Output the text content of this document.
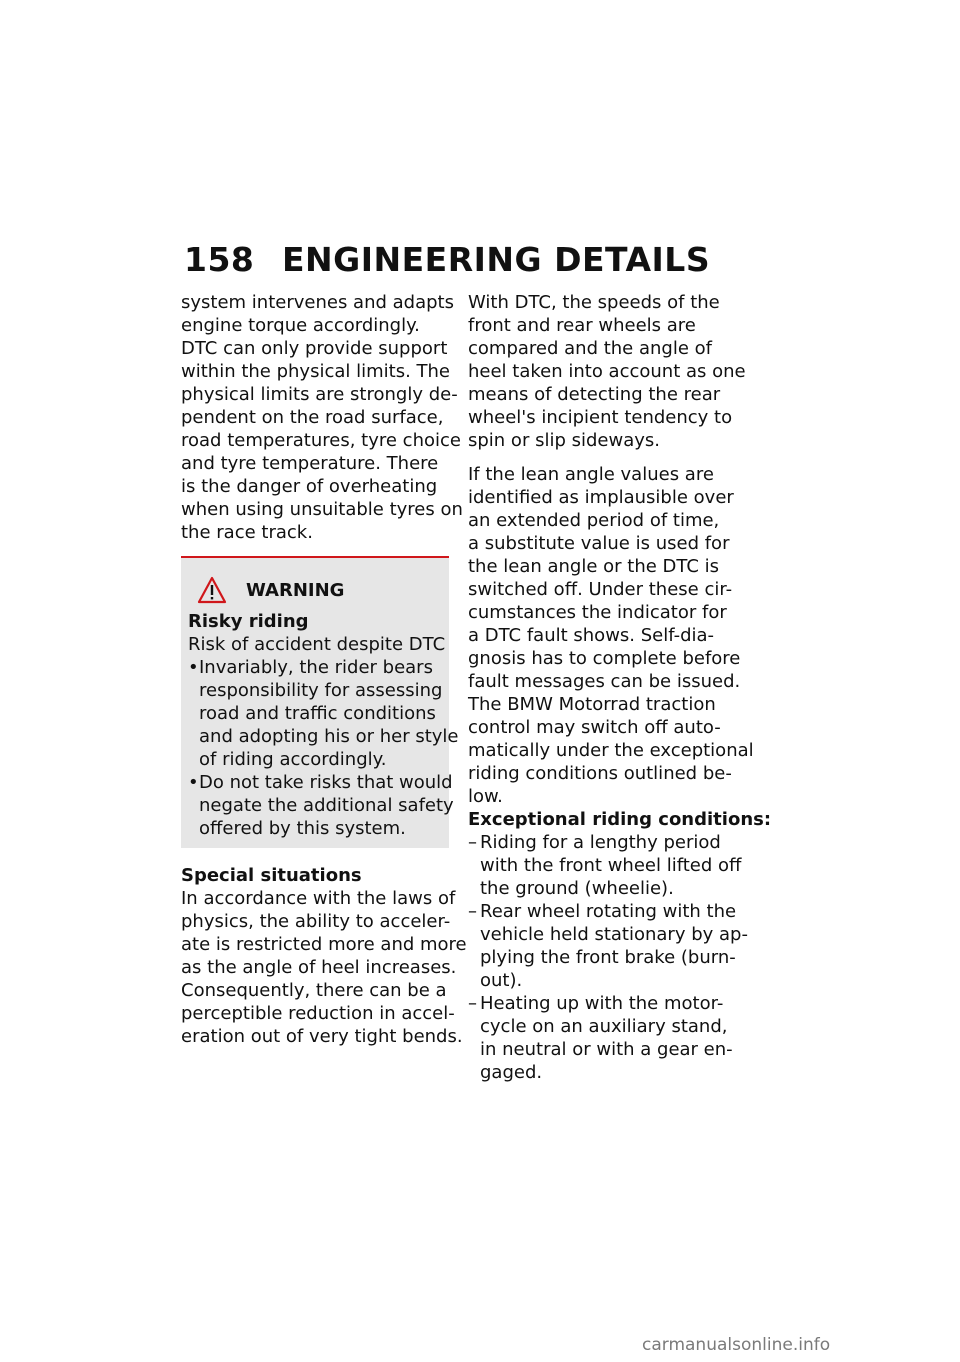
158 ENGINEERING DETAILS
system intervenes and adapts
engine torque accordingly.
DTC can only provide support
within the physical limits. The
physical limits are strongly de-
pendent on the road surface,
road temperatures, tyre choice
and tyre temperature. There
is the danger of overheating
when using unsuitable tyres on
the race track.
WARNING
Risky riding
Risk of accident despite DTC
• Invariably, the rider bears
responsibility for assessing
road and traffic conditions
and adopting his or her style
of riding accordingly.
• Do not take risks that would
negate the additional safety
offered by this system.
Special situations
In accordance with the laws of
physics, the ability to acceler-
ate is restricted more and more
as the angle of heel increases.
Consequently, there can be a
perceptible reduction in accel-
eration out of very tight bends.
With DTC, the speeds of the
front and rear wheels are
compared and the angle of
heel taken into account as one
means of detecting the rear
wheel's incipient tendency to
spin or slip sideways.
If the lean angle values are
identified as implausible over
an extended period of time,
a substitute value is used for
the lean angle or the DTC is
switched off. Under these cir-
cumstances the indicator for
a DTC fault shows. Self-dia-
gnosis has to complete before
fault messages can be issued.
The BMW Motorrad traction
control may switch off auto-
matically under the exceptional
riding conditions outlined be-
low.
Exceptional riding conditions:
– Riding for a lengthy period
with the front wheel lifted off
the ground (wheelie).
– Rear wheel rotating with the
vehicle held stationary by ap-
plying the front brake (burn-
out).
– Heating up with the motor-
cycle on an auxiliary stand,
in neutral or with a gear en-
gaged.
carmanualsonline.info
